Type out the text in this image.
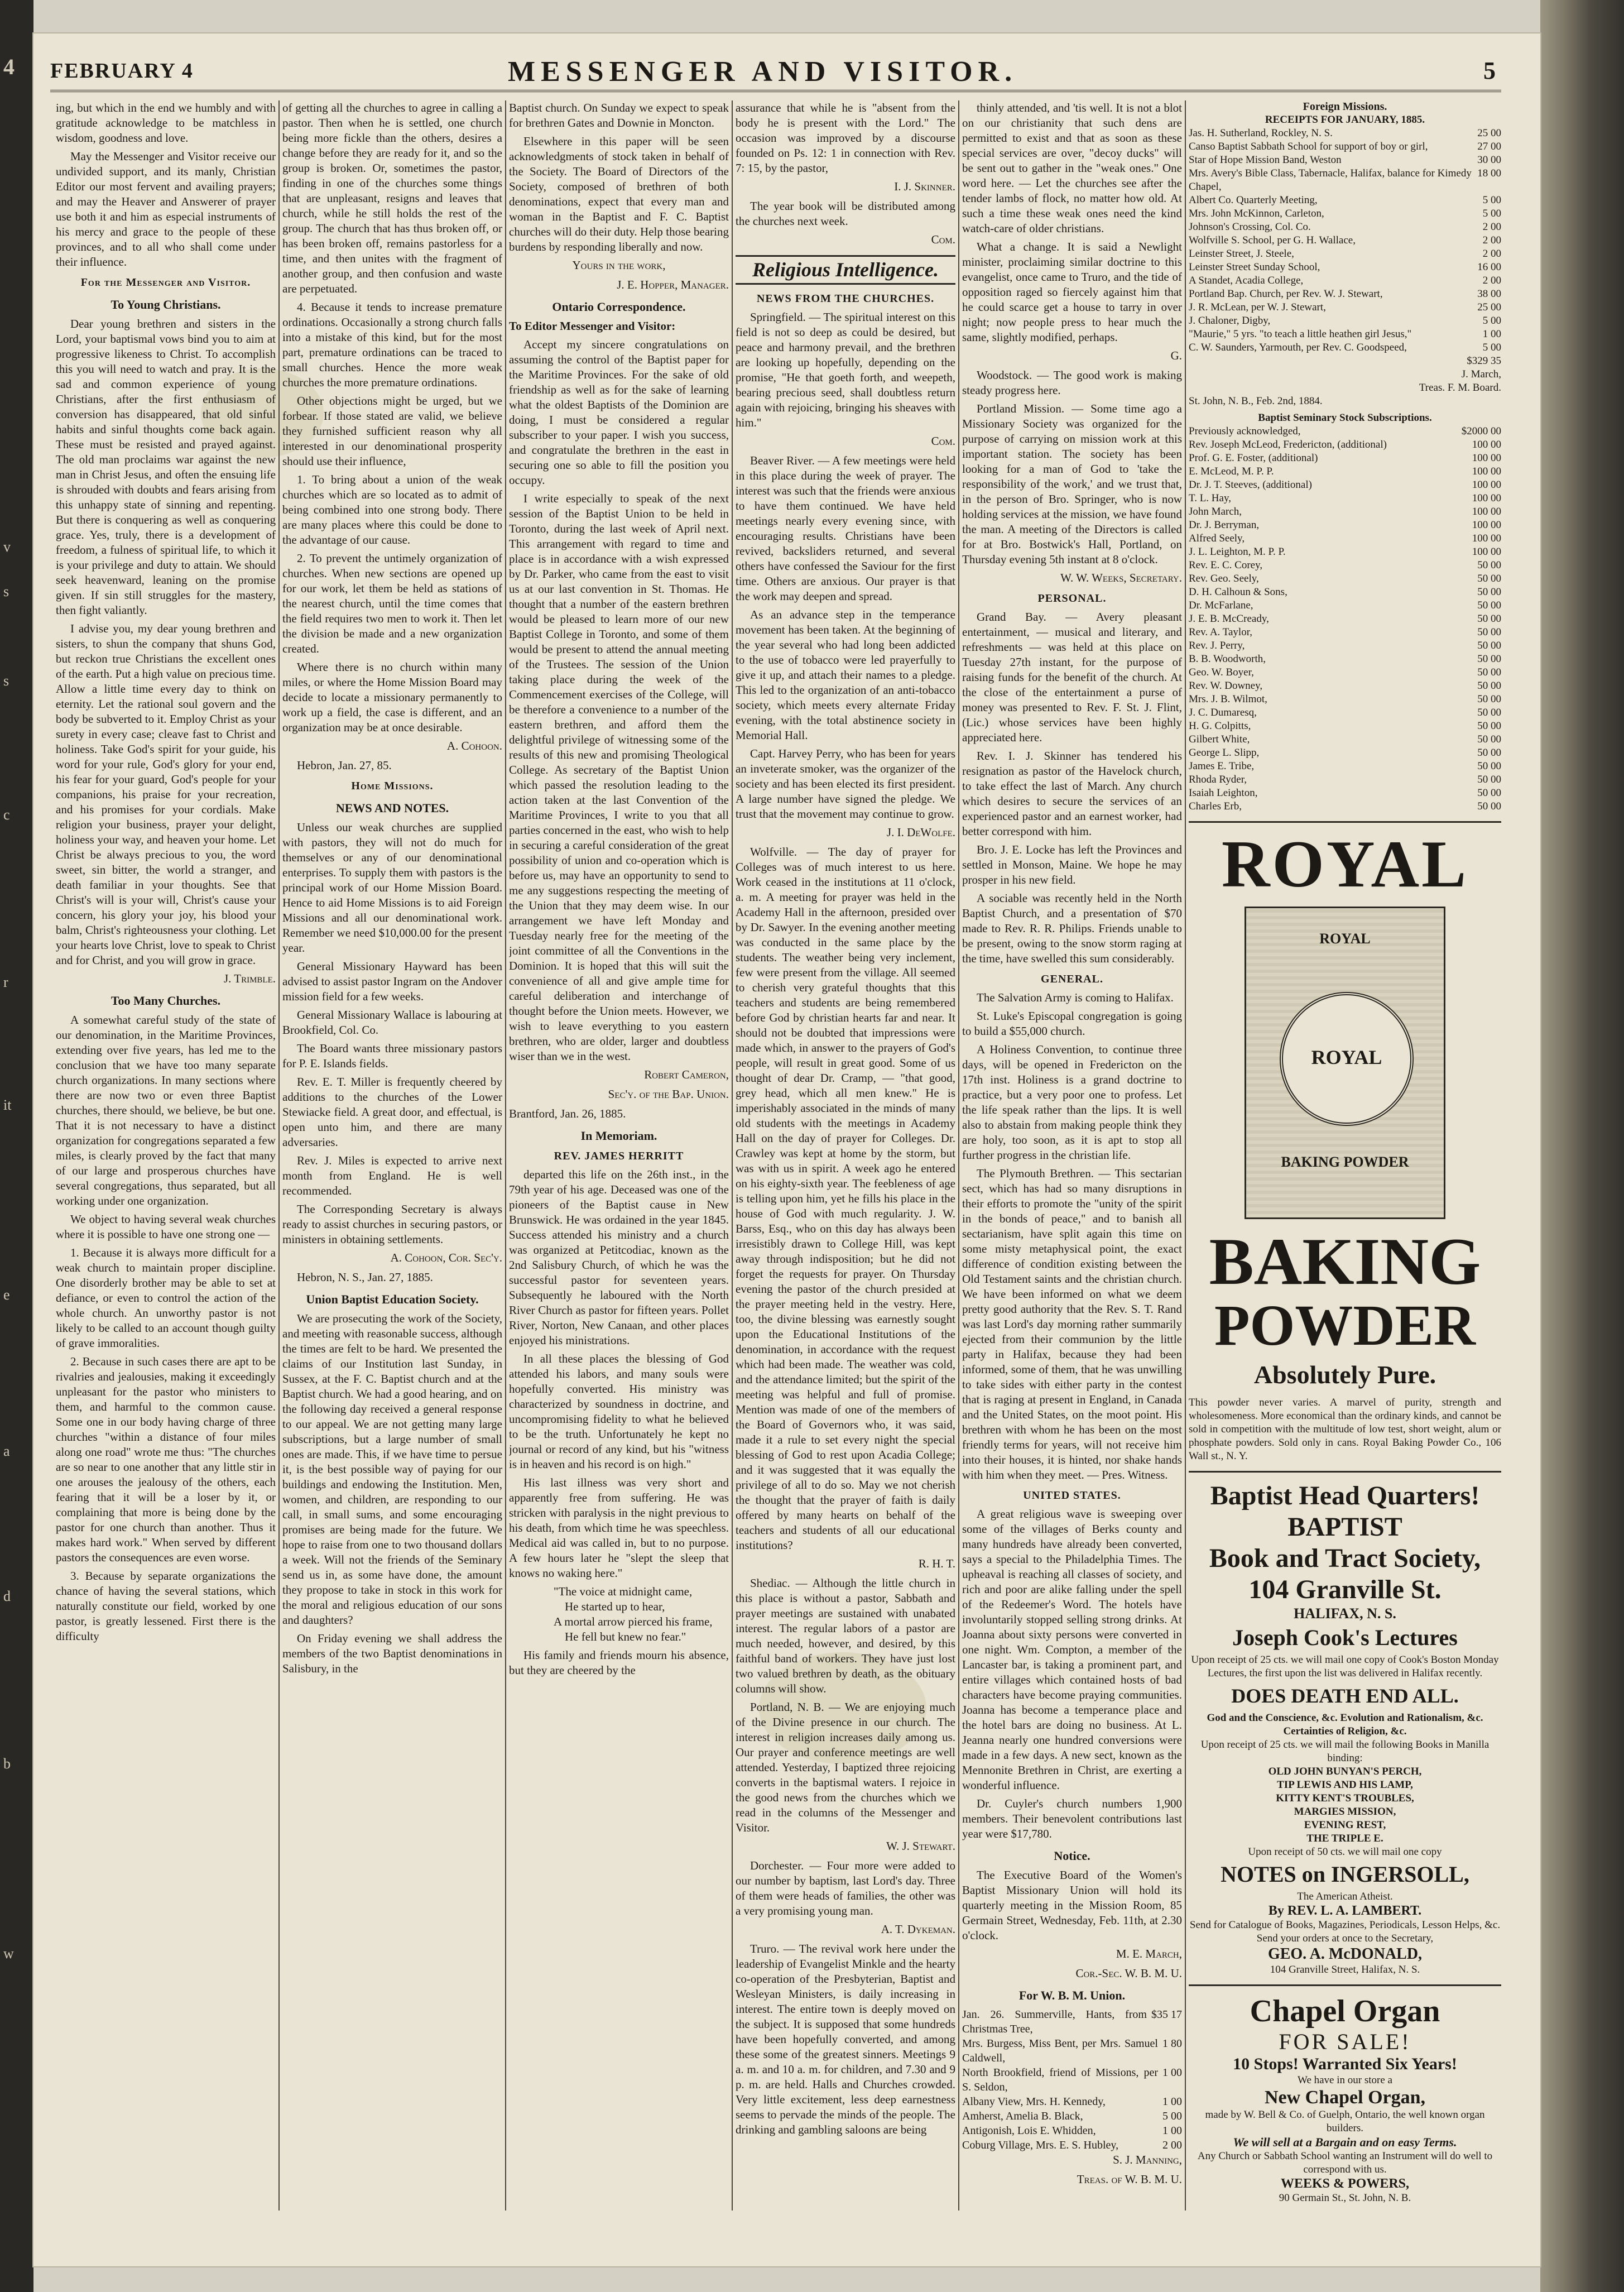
4
v
s
s
c
r
it
e
a
d
b
w
FEBRUARY 4	MESSENGER AND VISITOR.	5

ing, but which in the end we humbly and with gratitude acknowledge to be matchless in wisdom, goodness and love.

May the Messenger and Visitor receive our undivided support, and its manly, Christian Editor our most fervent and availing prayers; and may the Heaver and Answerer of prayer use both it and him as especial instruments of his mercy and grace to the people of these provinces, and to all who shall come under their influence.

For the Messenger and Visitor.
To Young Christians.

Dear young brethren and sisters in the Lord, your baptismal vows bind you to aim at progressive likeness to Christ. To accomplish this you will need to watch and pray. It is the sad and common experience of young Christians, after the first enthusiasm of conversion has disappeared, that old sinful habits and sinful thoughts come back again. These must be resisted and prayed against. The old man proclaims war against the new man in Christ Jesus, and often the ensuing life is shrouded with doubts and fears arising from this unhappy state of sinning and repenting. But there is conquering as well as conquering grace. Yes, truly, there is a development of freedom, a fulness of spiritual life, to which it is your privilege and duty to attain. We should seek heavenward, leaning on the promise given. If sin still struggles for the mastery, then fight valiantly.

I advise you, my dear young brethren and sisters, to shun the company that shuns God, but reckon true Christians the excellent ones of the earth. Put a high value on precious time. Allow a little time every day to think on eternity. Let the rational soul govern and the body be subverted to it. Employ Christ as your surety in every case; cleave fast to Christ and holiness. Take God's spirit for your guide, his word for your rule, God's glory for your end, his fear for your guard, God's people for your companions, his praise for your recreation, and his promises for your cordials. Make religion your business, prayer your delight, holiness your way, and heaven your home. Let Christ be always precious to you, the word sweet, sin bitter, the world a stranger, and death familiar in your thoughts. See that Christ's will is your will, Christ's cause your concern, his glory your joy, his blood your balm, Christ's righteousness your clothing. Let your hearts love Christ, love to speak to Christ and for Christ, and you will grow in grace.

J. Trimble.
Too Many Churches.

A somewhat careful study of the state of our denomination, in the Maritime Provinces, extending over five years, has led me to the conclusion that we have too many separate church organizations. In many sections where there are now two or even three Baptist churches, there should, we believe, be but one. That it is not necessary to have a distinct organization for congregations separated a few miles, is clearly proved by the fact that many of our large and prosperous churches have several congregations, thus separated, but all working under one organization.

We object to having several weak churches where it is possible to have one strong one —

1. Because it is always more difficult for a weak church to maintain proper discipline. One disorderly brother may be able to set at defiance, or even to control the action of the whole church. An unworthy pastor is not likely to be called to an account though guilty of grave immoralities.

2. Because in such cases there are apt to be rivalries and jealousies, making it exceedingly unpleasant for the pastor who ministers to them, and harmful to the common cause. Some one in our body having charge of three churches "within a distance of four miles along one road" wrote me thus: "The churches are so near to one another that any little stir in one arouses the jealousy of the others, each fearing that it will be a loser by it, or complaining that more is being done by the pastor for one church than another. Thus it makes hard work." When served by different pastors the consequences are even worse.

3. Because by separate organizations the chance of having the several stations, which naturally constitute our field, worked by one pastor, is greatly lessened. First there is the difficulty

of getting all the churches to agree in calling a pastor. Then when he is settled, one church being more fickle than the others, desires a change before they are ready for it, and so the group is broken. Or, sometimes the pastor, finding in one of the churches some things that are unpleasant, resigns and leaves that church, while he still holds the rest of the group. The church that has thus broken off, or has been broken off, remains pastorless for a time, and then unites with the fragment of another group, and then confusion and waste are perpetuated.

4. Because it tends to increase premature ordinations. Occasionally a strong church falls into a mistake of this kind, but for the most part, premature ordinations can be traced to small churches. Hence the more weak churches the more premature ordinations.

Other objections might be urged, but we forbear. If those stated are valid, we believe they furnished sufficient reason why all interested in our denominational prosperity should use their influence,

1. To bring about a union of the weak churches which are so located as to admit of being combined into one strong body. There are many places where this could be done to the advantage of our cause.

2. To prevent the untimely organization of churches. When new sections are opened up for our work, let them be held as stations of the nearest church, until the time comes that the field requires two men to work it. Then let the division be made and a new organization created.

Where there is no church within many miles, or where the Home Mission Board may decide to locate a missionary permanently to work up a field, the case is different, and an organization may be at once desirable.

A. Cohoon.
Hebron, Jan. 27, 85.
Home Missions.
NEWS AND NOTES.

Unless our weak churches are supplied with pastors, they will not do much for themselves or any of our denominational enterprises. To supply them with pastors is the principal work of our Home Mission Board. Hence to aid Home Missions is to aid Foreign Missions and all our denominational work. Remember we need $10,000.00 for the present year.

General Missionary Hayward has been advised to assist pastor Ingram on the Andover mission field for a few weeks.

General Missionary Wallace is labouring at Brookfield, Col. Co.

The Board wants three missionary pastors for P. E. Islands fields.

Rev. E. T. Miller is frequently cheered by additions to the churches of the Lower Stewiacke field. A great door, and effectual, is open unto him, and there are many adversaries.

Rev. J. Miles is expected to arrive next month from England. He is well recommended.

The Corresponding Secretary is always ready to assist churches in securing pastors, or ministers in obtaining settlements.

A. Cohoon, Cor. Sec'y.
Hebron, N. S., Jan. 27, 1885.
Union Baptist Education Society.

We are prosecuting the work of the Society, and meeting with reasonable success, although the times are felt to be hard. We presented the claims of our Institution last Sunday, in Sussex, at the F. C. Baptist church and at the Baptist church. We had a good hearing, and on the following day received a general response to our appeal. We are not getting many large subscriptions, but a large number of small ones are made. This, if we have time to persue it, is the best possible way of paying for our buildings and endowing the Institution. Men, women, and children, are responding to our call, in small sums, and some encouraging promises are being made for the future. We hope to raise from one to two thousand dollars a week. Will not the friends of the Seminary send us in, as some have done, the amount they propose to take in stock in this work for the moral and religious education of our sons and daughters?

On Friday evening we shall address the members of the two Baptist denominations in Salisbury, in the

Baptist church. On Sunday we expect to speak for brethren Gates and Downie in Moncton.

Elsewhere in this paper will be seen acknowledgments of stock taken in behalf of the Society. The Board of Directors of the Society, composed of brethren of both denominations, expect that every man and woman in the Baptist and F. C. Baptist churches will do their duty. Help those bearing burdens by responding liberally and now.

Yours in the work,
J. E. Hopper, Manager.
Ontario Correspondence.
To Editor Messenger and Visitor:

Accept my sincere congratulations on assuming the control of the Baptist paper for the Maritime Provinces. For the sake of old friendship as well as for the sake of learning what the oldest Baptists of the Dominion are doing, I must be considered a regular subscriber to your paper. I wish you success, and congratulate the brethren in the east in securing one so able to fill the position you occupy.

I write especially to speak of the next session of the Baptist Union to be held in Toronto, during the last week of April next. This arrangement with regard to time and place is in accordance with a wish expressed by Dr. Parker, who came from the east to visit us at our last convention in St. Thomas. He thought that a number of the eastern brethren would be pleased to learn more of our new Baptist College in Toronto, and some of them would be present to attend the annual meeting of the Trustees. The session of the Union taking place during the week of the Commencement exercises of the College, will be therefore a convenience to a number of the eastern brethren, and afford them the delightful privilege of witnessing some of the results of this new and promising Theological College. As secretary of the Baptist Union which passed the resolution leading to the action taken at the last Convention of the Maritime Provinces, I write to you that all parties concerned in the east, who wish to help in securing a careful consideration of the great possibility of union and co-operation which is before us, may have an opportunity to send to me any suggestions respecting the meeting of the Union that they may deem wise. In our arrangement we have left Monday and Tuesday nearly free for the meeting of the joint committee of all the Conventions in the Dominion. It is hoped that this will suit the convenience of all and give ample time for careful deliberation and interchange of thought before the Union meets. However, we wish to leave everything to you eastern brethren, who are older, larger and doubtless wiser than we in the west.

Robert Cameron,
Sec'y. of the Bap. Union.
Brantford, Jan. 26, 1885.
In Memoriam.
REV. JAMES HERRITT

departed this life on the 26th inst., in the 79th year of his age. Deceased was one of the pioneers of the Baptist cause in New Brunswick. He was ordained in the year 1845. Success attended his ministry and a church was organized at Petitcodiac, known as the 2nd Salisbury Church, of which he was the successful pastor for seventeen years. Subsequently he laboured with the North River Church as pastor for fifteen years. Pollet River, Norton, New Canaan, and other places enjoyed his ministrations.

In all these places the blessing of God attended his labors, and many souls were hopefully converted. His ministry was characterized by soundness in doctrine, and uncompromising fidelity to what he believed to be the truth. Unfortunately he kept no journal or record of any kind, but his "witness is in heaven and his record is on high."

His last illness was very short and apparently free from suffering. He was stricken with paralysis in the night previous to his death, from which time he was speechless. Medical aid was called in, but to no purpose. A few hours later he "slept the sleep that knows no waking here."

"The voice at midnight came,
He started up to hear,
A mortal arrow pierced his frame,
He fell but knew no fear."

His family and friends mourn his absence, but they are cheered by the

assurance that while he is "absent from the body he is present with the Lord." The occasion was improved by a discourse founded on Ps. 12: 1 in connection with Rev. 7: 15, by the pastor,

I. J. Skinner.

The year book will be distributed among the churches next week.

Com.
Religious Intelligence.
NEWS FROM THE CHURCHES.

Springfield. — The spiritual interest on this field is not so deep as could be desired, but peace and harmony prevail, and the brethren are looking up hopefully, depending on the promise, "He that goeth forth, and weepeth, bearing precious seed, shall doubtless return again with rejoicing, bringing his sheaves with him."

Com.

Beaver River. — A few meetings were held in this place during the week of prayer. The interest was such that the friends were anxious to have them continued. We have held meetings nearly every evening since, with encouraging results. Christians have been revived, backsliders returned, and several others have confessed the Saviour for the first time. Others are anxious. Our prayer is that the work may deepen and spread.

As an advance step in the temperance movement has been taken. At the beginning of the year several who had long been addicted to the use of tobacco were led prayerfully to give it up, and attach their names to a pledge. This led to the organization of an anti-tobacco society, which meets every alternate Friday evening, with the total abstinence society in Memorial Hall.

Capt. Harvey Perry, who has been for years an inveterate smoker, was the organizer of the society and has been elected its first president. A large number have signed the pledge. We trust that the movement may continue to grow.

J. I. DeWolfe.

Wolfville. — The day of prayer for Colleges was of much interest to us here. Work ceased in the institutions at 11 o'clock, a. m. A meeting for prayer was held in the Academy Hall in the afternoon, presided over by Dr. Sawyer. In the evening another meeting was conducted in the same place by the students. The weather being very inclement, few were present from the village. All seemed to cherish very grateful thoughts that this teachers and students are being remembered before God by christian hearts far and near. It should not be doubted that impressions were made which, in answer to the prayers of God's people, will result in great good. Some of us thought of dear Dr. Cramp, — "that good, grey head, which all men knew." He is imperishably associated in the minds of many old students with the meetings in Academy Hall on the day of prayer for Colleges. Dr. Crawley was kept at home by the storm, but was with us in spirit. A week ago he entered on his eighty-sixth year. The feebleness of age is telling upon him, yet he fills his place in the house of God with much regularity. J. W. Barss, Esq., who on this day has always been irresistibly drawn to College Hill, was kept away through indisposition; but he did not forget the requests for prayer. On Thursday evening the pastor of the church presided at the prayer meeting held in the vestry. Here, too, the divine blessing was earnestly sought upon the Educational Institutions of the denomination, in accordance with the request which had been made. The weather was cold, and the attendance limited; but the spirit of the meeting was helpful and full of promise. Mention was made of one of the members of the Board of Governors who, it was said, made it a rule to set every night the special blessing of God to rest upon Acadia College; and it was suggested that it was equally the privilege of all to do so. May we not cherish the thought that the prayer of faith is daily offered by many hearts on behalf of the teachers and students of all our educational institutions?

R. H. T.

Shediac. — Although the little church in this place is without a pastor, Sabbath and prayer meetings are sustained with unabated interest. The regular labors of a pastor are much needed, however, and desired, by this faithful band of workers. They have just lost two valued brethren by death, as the obituary columns will show.

Portland, N. B. — We are enjoying much of the Divine presence in our church. The interest in religion increases daily among us. Our prayer and conference meetings are well attended. Yesterday, I baptized three rejoicing converts in the baptismal waters. I rejoice in the good news from the churches which we read in the columns of the Messenger and Visitor.

W. J. Stewart.

Dorchester. — Four more were added to our number by baptism, last Lord's day. Three of them were heads of families, the other was a very promising young man.

A. T. Dykeman.

Truro. — The revival work here under the leadership of Evangelist Minkle and the hearty co-operation of the Presbyterian, Baptist and Wesleyan Ministers, is daily increasing in interest. The entire town is deeply moved on the subject. It is supposed that some hundreds have been hopefully converted, and among these some of the greatest sinners. Meetings 9 a. m. and 10 a. m. for children, and 7.30 and 9 p. m. are held. Halls and Churches crowded. Very little excitement, less deep earnestness seems to pervade the minds of the people. The drinking and gambling saloons are being

Foreign Missions.
RECEIPTS FOR JANUARY, 1885.
Jas. H. Sutherland, Rockley, N. S.	25 00
Canso Baptist Sabbath School for support of boy or girl,	27 00
Star of Hope Mission Band, Weston	30 00
Mrs. Avery's Bible Class, Tabernacle, Halifax, balance for Kimedy Chapel,
18 00
Albert Co. Quarterly Meeting,	5 00
Mrs. John McKinnon, Carleton,	5 00
Johnson's Crossing, Col. Co.	2 00
Wolfville S. School, per G. H. Wallace,	2 00
Leinster Street, J. Steele,	2 00
Leinster Street Sunday School,	16 00
A Standet, Acadia College,	2 00
Portland Bap. Church, per Rev. W. J. Stewart,	38 00
J. R. McLean, per W. J. Stewart,	25 00
J. Chaloner, Digby,	5 00
"Maurie," 5 yrs. "to teach a little heathen girl Jesus,"	1 00
C. W. Saunders, Yarmouth, per Rev. C. Goodspeed,	5 00
$329 35
J. March,
Treas. F. M. Board.
St. John, N. B., Feb. 2nd, 1884.
Baptist Seminary Stock Subscriptions.
Previously acknowledged,	$2000 00
Rev. Joseph McLeod, Fredericton, (additional)	100 00
Prof. G. E. Foster, (additional)	100 00
E. McLeod, M. P. P.	100 00
Dr. J. T. Steeves, (additional)	100 00
T. L. Hay,	100 00
John March,	100 00
Dr. J. Berryman,	100 00
Alfred Seely,	100 00
J. L. Leighton, M. P. P.	100 00
Rev. E. C. Corey,	50 00
Rev. Geo. Seely,	50 00
D. H. Calhoun & Sons,	50 00
Dr. McFarlane,	50 00
J. E. B. McCready,	50 00
Rev. A. Taylor,	50 00
Rev. J. Perry,	50 00
B. B. Woodworth,	50 00
Geo. W. Boyer,	50 00
Rev. W. Downey,	50 00
Mrs. J. B. Wilmot,	50 00
J. C. Dumaresq,	50 00
H. G. Colpitts,	50 00
Gilbert White,	50 00
George L. Slipp,	50 00
James E. Tribe,	50 00
Rhoda Ryder,	50 00
Isaiah Leighton,	50 00
Charles Erb,	50 00
ROYAL
ROYAL
ROYAL
BAKING POWDER
BAKING
POWDER
Absolutely Pure.
This powder never varies. A marvel of purity, strength and wholesomeness. More economical than the ordinary kinds, and cannot be sold in competition with the multitude of low test, short weight, alum or phosphate powders. Sold only in cans. Royal Baking Powder Co., 106 Wall st., N. Y.
Baptist Head Quarters!
BAPTIST
Book and Tract Society,
104 Granville St.
HALIFAX, N. S.
Joseph Cook's Lectures
Upon receipt of 25 cts. we will mail one copy of Cook's Boston Monday Lectures, the first upon the list was delivered in Halifax recently.
DOES DEATH END ALL.
God and the Conscience, &c. Evolution and Rationalism, &c. Certainties of Religion, &c.
Upon receipt of 25 cts. we will mail the following Books in Manilla binding:
OLD JOHN BUNYAN'S PERCH,
TIP LEWIS AND HIS LAMP,
KITTY KENT'S TROUBLES,
MARGIES MISSION,
EVENING REST,
THE TRIPLE E.
Upon receipt of 50 cts. we will mail one copy
NOTES on INGERSOLL,
The American Atheist.
By REV. L. A. LAMBERT.
Send for Catalogue of Books, Magazines, Periodicals, Lesson Helps, &c. Send your orders at once to the Secretary,
GEO. A. McDONALD,
104 Granville Street, Halifax, N. S.
Chapel Organ
FOR SALE!
10 Stops! Warranted Six Years!
We have in our store a
New Chapel Organ,
made by W. Bell & Co. of Guelph, Ontario, the well known organ builders.
We will sell at a Bargain and on easy Terms.
Any Church or Sabbath School wanting an Instrument will do well to correspond with us.
WEEKS & POWERS,
90 Germain St., St. John, N. B.

thinly attended, and 'tis well. It is not a blot on our christianity that such dens are permitted to exist and that as soon as these special services are over, "decoy ducks" will be sent out to gather in the "weak ones." One word here. — Let the churches see after the tender lambs of flock, no matter how old. At such a time these weak ones need the kind watch-care of older christians.

What a change. It is said a Newlight minister, proclaiming similar doctrine to this evangelist, once came to Truro, and the tide of opposition raged so fiercely against him that he could scarce get a house to tarry in over night; now people press to hear much the same, slightly modified, perhaps.

G.

Woodstock. — The good work is making steady progress here.

Portland Mission. — Some time ago a Missionary Society was organized for the purpose of carrying on mission work at this important station. The society has been looking for a man of God to 'take the responsibility of the work,' and we trust that, in the person of Bro. Springer, who is now holding services at the mission, we have found the man. A meeting of the Directors is called for at Bro. Bostwick's Hall, Portland, on Thursday evening 5th instant at 8 o'clock.

W. W. Weeks, Secretary.
PERSONAL.

Grand Bay. — Avery pleasant entertainment, — musical and literary, and refreshments — was held at this place on Tuesday 27th instant, for the purpose of raising funds for the benefit of the church. At the close of the entertainment a purse of money was presented to Rev. F. St. J. Flint, (Lic.) whose services have been highly appreciated here.

Rev. I. J. Skinner has tendered his resignation as pastor of the Havelock church, to take effect the last of March. Any church which desires to secure the services of an experienced pastor and an earnest worker, had better correspond with him.

Bro. J. E. Locke has left the Provinces and settled in Monson, Maine. We hope he may prosper in his new field.

A sociable was recently held in the North Baptist Church, and a presentation of $70 made to Rev. R. R. Philips. Friends unable to be present, owing to the snow storm raging at the time, have swelled this sum considerably.

GENERAL.

The Salvation Army is coming to Halifax.

St. Luke's Episcopal congregation is going to build a $55,000 church.

A Holiness Convention, to continue three days, will be opened in Fredericton on the 17th inst. Holiness is a grand doctrine to practice, but a very poor one to profess. Let the life speak rather than the lips. It is well also to abstain from making people think they are holy, too soon, as it is apt to stop all further progress in the christian life.

The Plymouth Brethren. — This sectarian sect, which has had so many disruptions in their efforts to promote the "unity of the spirit in the bonds of peace," and to banish all sectarianism, have split again this time on some misty metaphysical point, the exact difference of condition existing between the Old Testament saints and the christian church. We have been informed on what we deem pretty good authority that the Rev. S. T. Rand was last Lord's day morning rather summarily ejected from their communion by the little party in Halifax, because they had been informed, some of them, that he was unwilling to take sides with either party in the contest that is raging at present in England, in Canada and the United States, on the moot point. His brethren with whom he has been on the most friendly terms for years, will not receive him into their houses, it is hinted, nor shake hands with him when they meet. — Pres. Witness.

UNITED STATES.

A great religious wave is sweeping over some of the villages of Berks county and many hundreds have already been converted, says a special to the Philadelphia Times. The upheaval is reaching all classes of society, and rich and poor are alike falling under the spell of the Redeemer's Word. The hotels have involuntarily stopped selling strong drinks. At Joanna about sixty persons were converted in one night. Wm. Compton, a member of the Lancaster bar, is taking a prominent part, and entire villages which contained hosts of bad characters have become praying communities. Joanna has become a temperance place and the hotel bars are doing no business. At L. Jeanna nearly one hundred conversions were made in a few days. A new sect, known as the Mennonite Brethren in Christ, are exerting a wonderful influence.

Dr. Cuyler's church numbers 1,900 members. Their benevolent contributions last year were $17,780.

Notice.

The Executive Board of the Women's Baptist Missionary Union will hold its quarterly meeting in the Mission Room, 85 Germain Street, Wednesday, Feb. 11th, at 2.30 o'clock.

M. E. March,
Cor.-Sec. W. B. M. U.
For W. B. M. Union.
Jan. 26. Summerville, Hants, from Christmas Tree,
$35 17
Mrs. Burgess, Miss Bent, per Mrs. Samuel Caldwell,
1 80
North Brookfield, friend of Missions, per S. Seldon,
1 00
Albany View, Mrs. H. Kennedy,	1 00
Amherst, Amelia B. Black,	5 00
Antigonish, Lois E. Whidden,	1 00
Coburg Village, Mrs. E. S. Hubley,	2 00
S. J. Manning,
Treas. of W. B. M. U.
